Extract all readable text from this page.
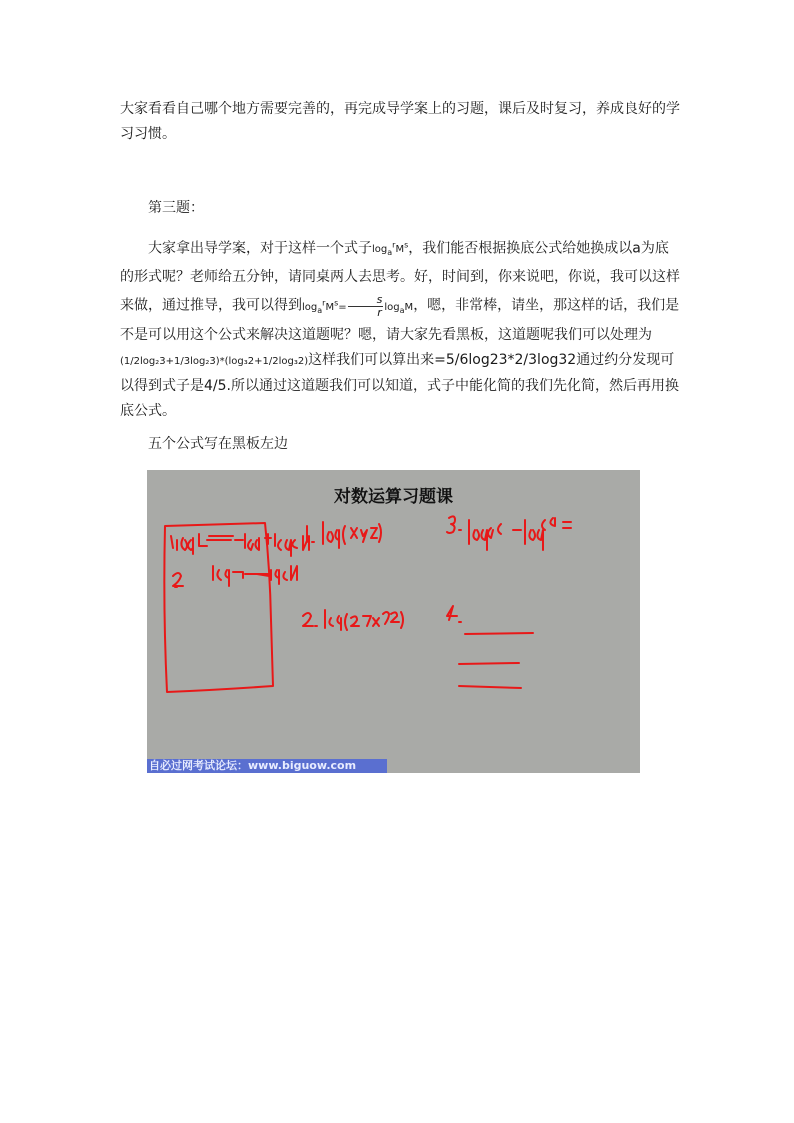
大家看看自己哪个地方需要完善的，再完成导学案上的习题，课后及时复习，养成良好的学习习惯。

第三题：

大家拿出导学案，对于这样一个式子$\log_a^rM^s$，我们能否根据换底公式给她换成以a为底的形式呢？老师给五分钟，请同桌两人去思考。好，时间到，你来说吧，你说，我可以这样来做，通过推导，我可以得到$\log_a^rM^s= \frac{s}{r} \log_aM$，嗯，非常棒，请坐，那这样的话，我们是不是可以用这个公式来解决这道题呢？嗯，请大家先看黑板，这道题呢我们可以处理为(1/2log₂3+1/3log₂3)*(log₃2+1/2log₃2)这样我们可以算出来=5/6log23*2/3log32通过约分发现可以得到式子是4/5.所以通过这道题我们可以知道，式子中能化简的我们先化简，然后再用换底公式。

五个公式写在黑板左边

对数运算习题课
自必过网考试论坛：www.biguow.com
